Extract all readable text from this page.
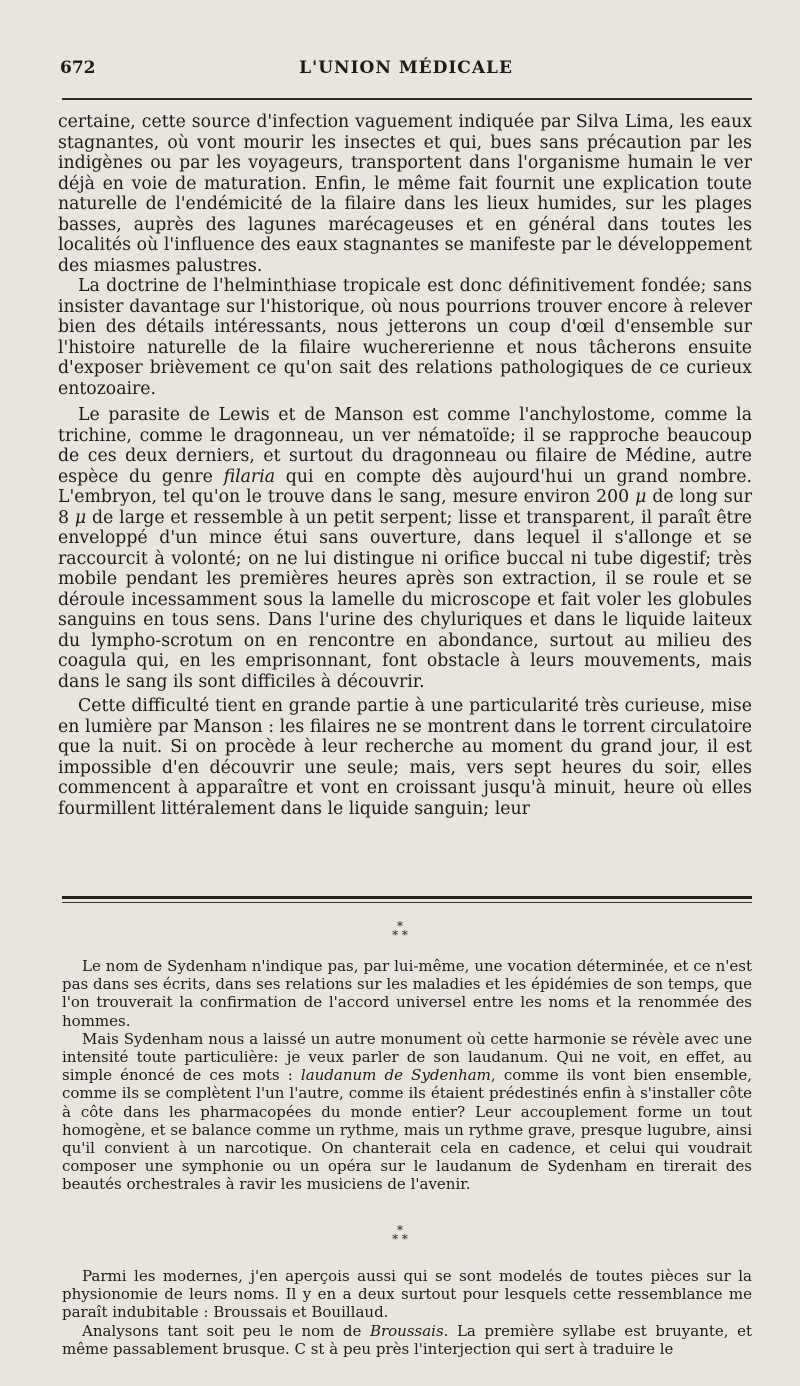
672	L'UNION MÉDICALE

certaine, cette source d'infection vaguement indiquée par Silva Lima, les eaux stagnantes, où vont mourir les insectes et qui, bues sans précaution par les indigènes ou par les voyageurs, transportent dans l'organisme humain le ver déjà en voie de maturation. Enfin, le même fait fournit une explication toute naturelle de l'endémicité de la filaire dans les lieux humides, sur les plages basses, auprès des lagunes marécageuses et en général dans toutes les localités où l'influence des eaux stagnantes se manifeste par le développement des miasmes palustres.

La doctrine de l'helminthiase tropicale est donc définitivement fondée; sans insister davantage sur l'historique, où nous pourrions trouver encore à relever bien des détails intéressants, nous jetterons un coup d'œil d'ensemble sur l'histoire naturelle de la filaire wuchererienne et nous tâcherons ensuite d'exposer brièvement ce qu'on sait des relations pathologiques de ce curieux entozoaire.

Le parasite de Lewis et de Manson est comme l'anchylostome, comme la trichine, comme le dragonneau, un ver nématoïde; il se rapproche beaucoup de ces deux derniers, et surtout du dragonneau ou filaire de Médine, autre espèce du genre filaria qui en compte dès aujourd'hui un grand nombre. L'embryon, tel qu'on le trouve dans le sang, mesure environ 200 μ de long sur 8 μ de large et ressemble à un petit serpent; lisse et transparent, il paraît être enveloppé d'un mince étui sans ouverture, dans lequel il s'allonge et se raccourcit à volonté; on ne lui distingue ni orifice buccal ni tube digestif; très mobile pendant les premières heures après son extraction, il se roule et se déroule incessamment sous la lamelle du microscope et fait voler les globules sanguins en tous sens. Dans l'urine des chyluriques et dans le liquide laiteux du lympho-scrotum on en rencontre en abondance, surtout au milieu des coagula qui, en les emprisonnant, font obstacle à leurs mouvements, mais dans le sang ils sont difficiles à découvrir.

Cette difficulté tient en grande partie à une particularité très curieuse, mise en lumière par Manson : les filaires ne se montrent dans le torrent circulatoire que la nuit. Si on procède à leur recherche au moment du grand jour, il est impossible d'en découvrir une seule; mais, vers sept heures du soir, elles commencent à apparaître et vont en croissant jusqu'à minuit, heure où elles fourmillent littéralement dans le liquide sanguin; leur

*
* *

Le nom de Sydenham n'indique pas, par lui-même, une vocation déterminée, et ce n'est pas dans ses écrits, dans ses relations sur les maladies et les épidémies de son temps, que l'on trouverait la confirmation de l'accord universel entre les noms et la renommée des hommes.

Mais Sydenham nous a laissé un autre monument où cette harmonie se révèle avec une intensité toute particulière: je veux parler de son laudanum. Qui ne voit, en effet, au simple énoncé de ces mots : laudanum de Sydenham, comme ils vont bien ensemble, comme ils se complètent l'un l'autre, comme ils étaient prédestinés enfin à s'installer côte à côte dans les pharmacopées du monde entier? Leur accouplement forme un tout homogène, et se balance comme un rythme, mais un rythme grave, presque lugubre, ainsi qu'il convient à un narcotique. On chanterait cela en cadence, et celui qui voudrait composer une symphonie ou un opéra sur le laudanum de Sydenham en tirerait des beautés orchestrales à ravir les musiciens de l'avenir.

*
* *

Parmi les modernes, j'en aperçois aussi qui se sont modelés de toutes pièces sur la physionomie de leurs noms. Il y en a deux surtout pour lesquels cette ressemblance me paraît indubitable : Broussais et Bouillaud.

Analysons tant soit peu le nom de Broussais. La première syllabe est bruyante, et même passablement brusque. C st à peu près l'interjection qui sert à traduire le
